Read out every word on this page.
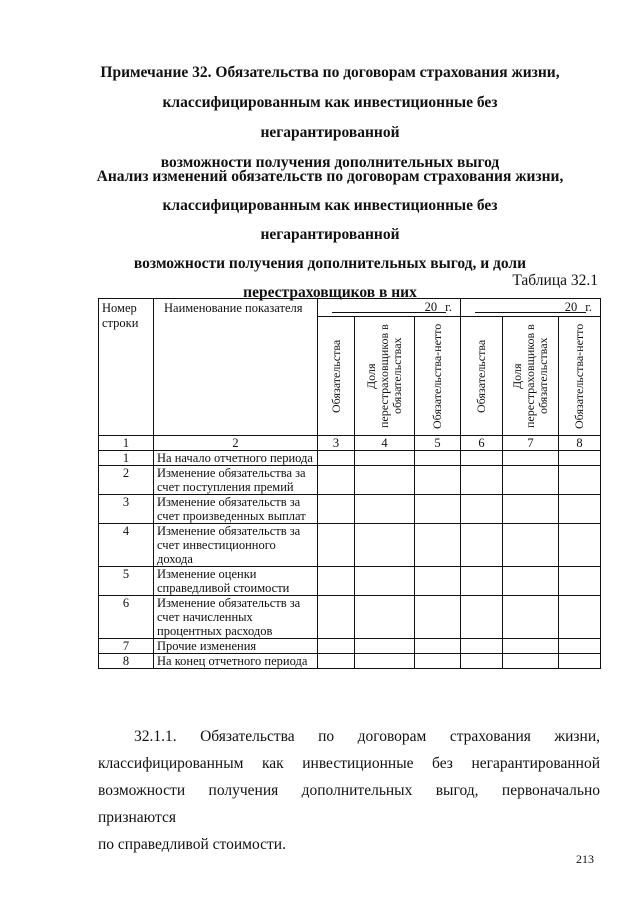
Примечание 32. Обязательства по договорам страхования жизни,
классифицированным как инвестиционные без негарантированной
возможности получения дополнительных выгод
Анализ изменений обязательств по договорам страхования жизни,
классифицированным как инвестиционные без негарантированной
возможности получения дополнительных выгод, и доли
перестраховщиков в них
Таблица 32.1
Номер строки	Наименование показателя	20 г.			20 г.		

		Обязательства	Доля перестраховщиков в обязательствах	Обязательства-нетто	Обязательства	Доля перестраховщиков в обязательствах	Обязательства-нетто

1	2	3	4	5	6	7	8
1	На начало отчетного периода						
2	Изменение обязательства за счет поступления премий						
3	Изменение обязательств за счет произведенных выплат						
4	Изменение обязательств за счет инвестиционного дохода						
5	Изменение оценки справедливой стоимости						
6	Изменение обязательств за счет начисленных процентных расходов						
7	Прочие изменения						
8	На конец отчетного периода						
32.1.1. Обязательства по договорам страхования жизни,
классифицированным как инвестиционные без негарантированной
возможности получения дополнительных выгод, первоначально признаются
по справедливой стоимости.
213
